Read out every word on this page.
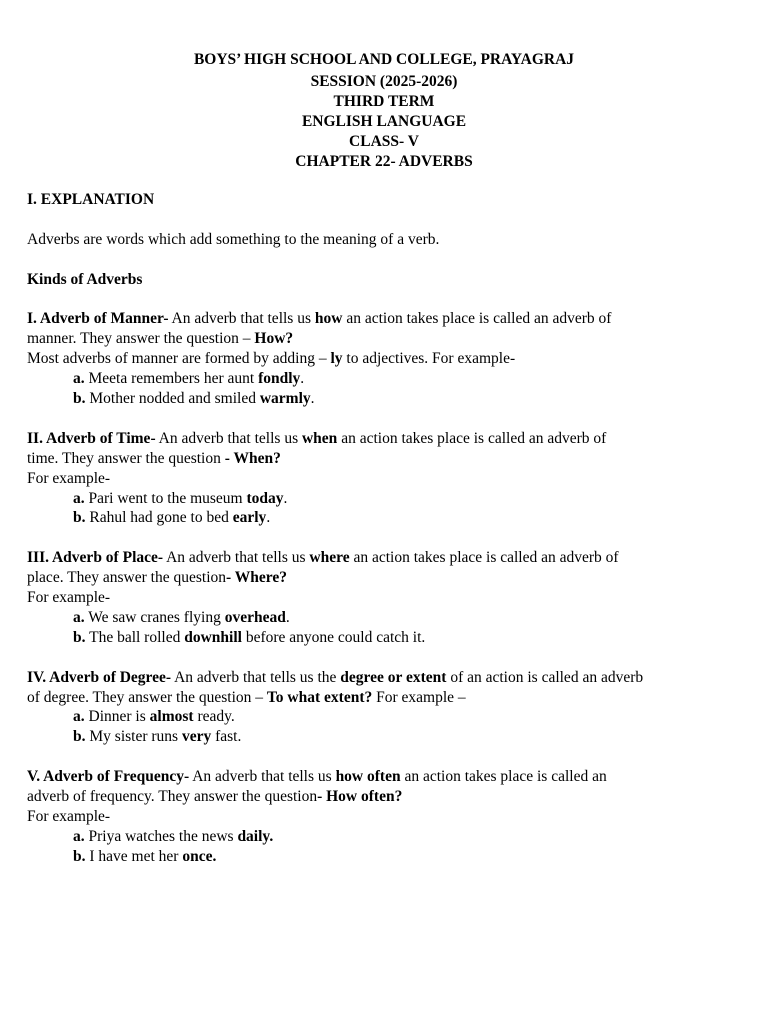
BOYS’ HIGH SCHOOL AND COLLEGE, PRAYAGRAJ
SESSION (2025-2026)
THIRD TERM
ENGLISH LANGUAGE
CLASS- V
CHAPTER 22- ADVERBS
I. EXPLANATION
Adverbs are words which add something to the meaning of a verb.
Kinds of Adverbs
I. Adverb of Manner- An adverb that tells us how an action takes place is called an adverb of
manner. They answer the question – How?
Most adverbs of manner are formed by adding – ly to adjectives. For example-
a. Meeta remembers her aunt fondly.
b. Mother nodded and smiled warmly.
II. Adverb of Time- An adverb that tells us when an action takes place is called an adverb of
time. They answer the question - When?
For example-
a. Pari went to the museum today.
b. Rahul had gone to bed early.
III. Adverb of Place- An adverb that tells us where an action takes place is called an adverb of
place. They answer the question- Where?
For example-
a. We saw cranes flying overhead.
b. The ball rolled downhill before anyone could catch it.
IV. Adverb of Degree- An adverb that tells us the degree or extent of an action is called an adverb
of degree. They answer the question – To what extent? For example –
a. Dinner is almost ready.
b. My sister runs very fast.
V. Adverb of Frequency- An adverb that tells us how often an action takes place is called an
adverb of frequency. They answer the question- How often?
For example-
a. Priya watches the news daily.
b. I have met her once.
